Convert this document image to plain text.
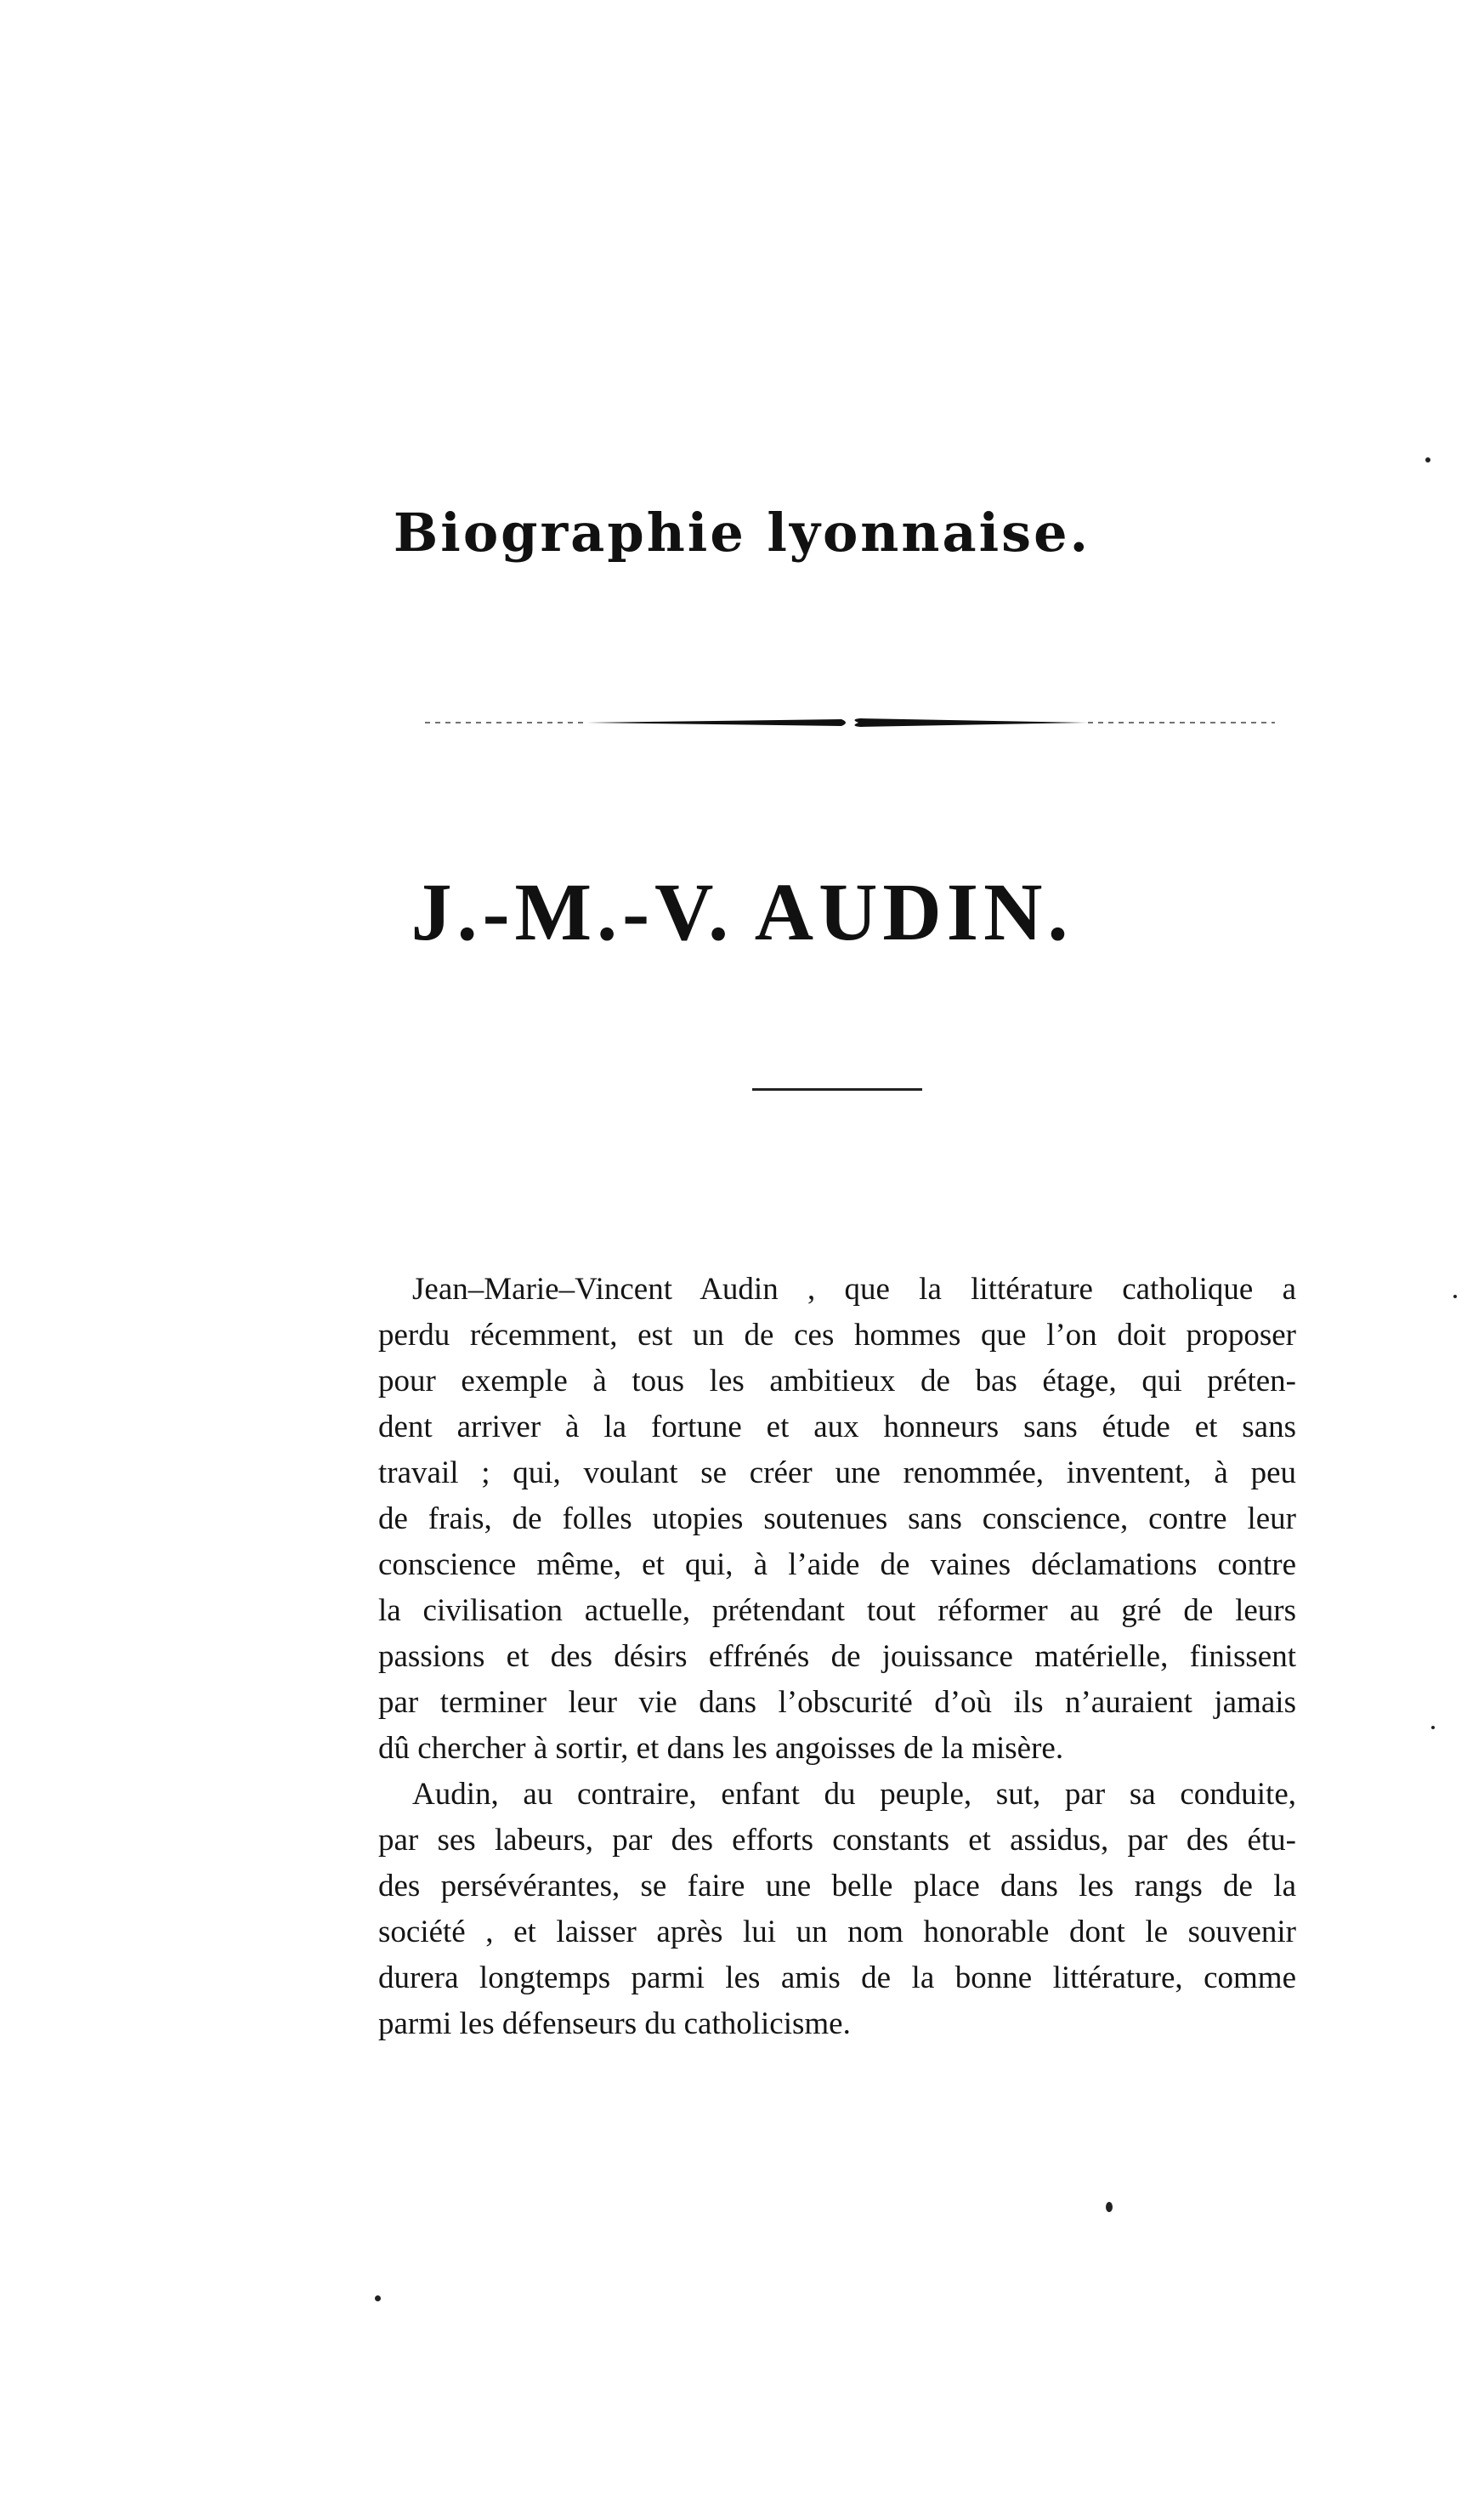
Biographie lyonnaise.
J.-M.-V. AUDIN.
Jean–Marie–Vincent Audin , que la littérature catholique a
perdu récemment, est un de ces hommes que l’on doit proposer
pour exemple à tous les ambitieux de bas étage, qui préten-
dent arriver à la fortune et aux honneurs sans étude et sans
travail ; qui, voulant se créer une renommée, inventent, à peu
de frais, de folles utopies soutenues sans conscience, contre leur
conscience même, et qui, à l’aide de vaines déclamations contre
la civilisation actuelle, prétendant tout réformer au gré de leurs
passions et des désirs effrénés de jouissance matérielle, finissent
par terminer leur vie dans l’obscurité d’où ils n’auraient jamais
dû chercher à sortir, et dans les angoisses de la misère.
Audin, au contraire, enfant du peuple, sut, par sa conduite,
par ses labeurs, par des efforts constants et assidus, par des étu-
des persévérantes, se faire une belle place dans les rangs de la
société , et laisser après lui un nom honorable dont le souvenir
durera longtemps parmi les amis de la bonne littérature, comme
parmi les défenseurs du catholicisme.
